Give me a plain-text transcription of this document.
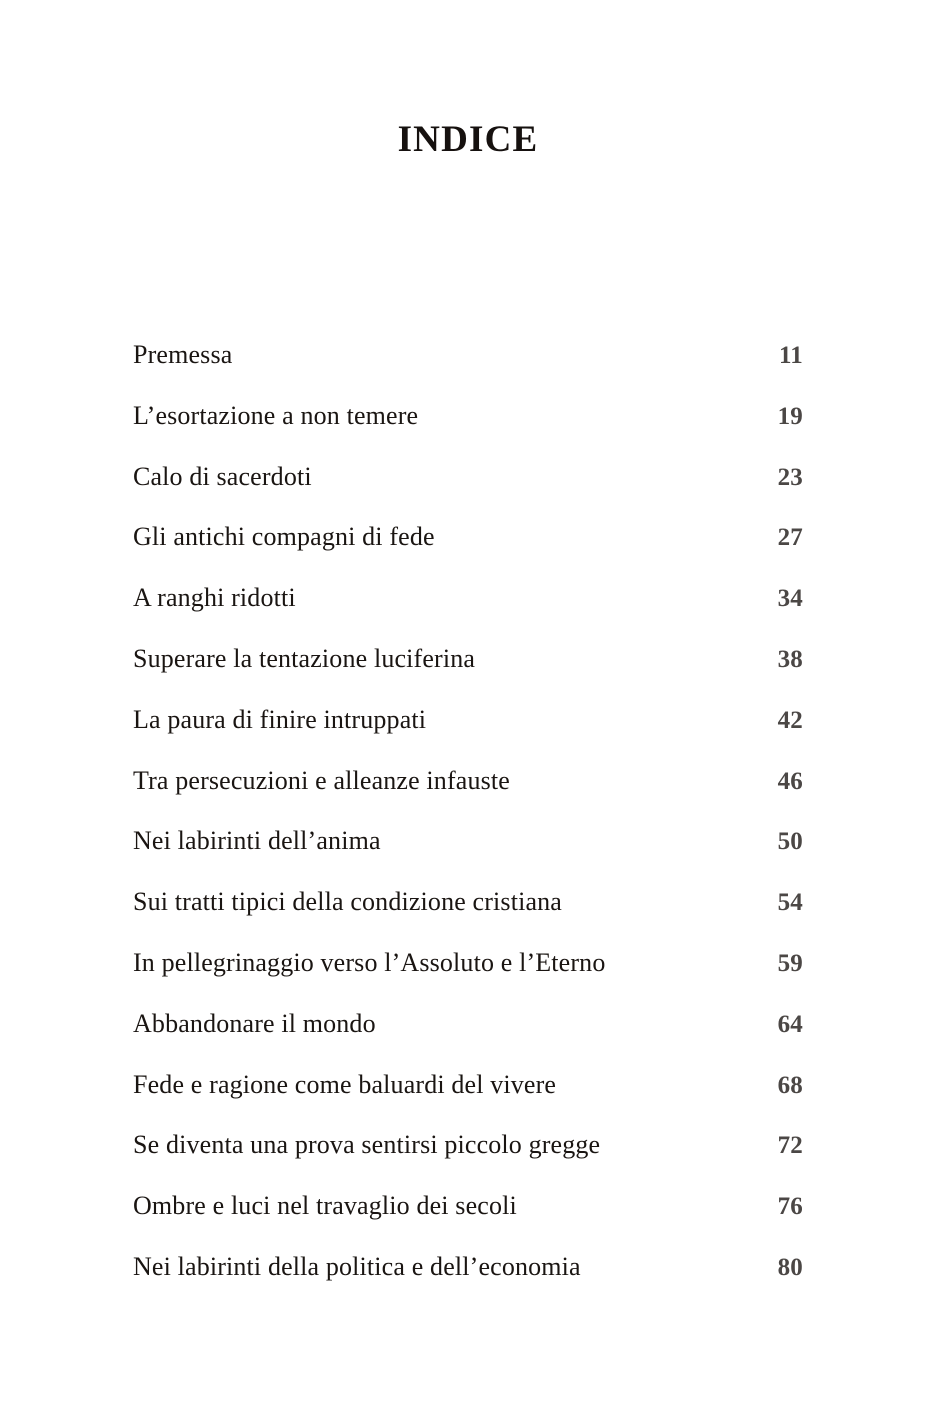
INDICE
Premessa	11
L’esortazione a non temere	19
Calo di sacerdoti	23
Gli antichi compagni di fede	27
A ranghi ridotti	34
Superare la tentazione luciferina	38
La paura di finire intruppati	42
Tra persecuzioni e alleanze infauste	46
Nei labirinti dell’anima	50
Sui tratti tipici della condizione cristiana	54
In pellegrinaggio verso l’Assoluto e l’Eterno	59
Abbandonare il mondo	64
Fede e ragione come baluardi del vivere	68
Se diventa una prova sentirsi piccolo gregge	72
Ombre e luci nel travaglio dei secoli	76
Nei labirinti della politica e dell’economia	80
